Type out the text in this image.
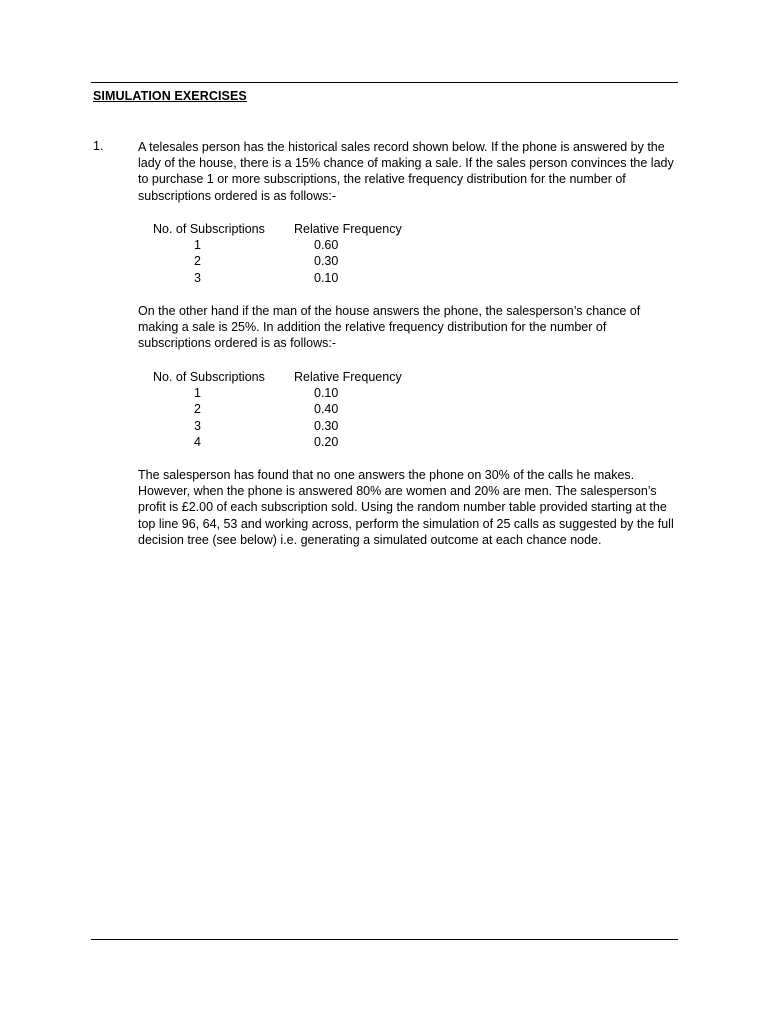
SIMULATION EXERCISES
1.	A telesales person has the historical sales record shown below. If the phone is answered by the lady of the house, there is a 15% chance of making a sale. If the sales person convinces the lady to purchase 1 or more subscriptions, the relative frequency distribution for the number of subscriptions ordered is as follows:-

No. of Subscriptions Relative Frequency
1	0.60
2	0.30
3	0.10

On the other hand if the man of the house answers the phone, the salesperson’s chance of making a sale is 25%. In addition the relative frequency distribution for the number of subscriptions ordered is as follows:-

No. of Subscriptions Relative Frequency
1	0.10
2	0.40
3	0.30
4	0.20

The salesperson has found that no one answers the phone on 30% of the calls he makes. However, when the phone is answered 80% are women and 20% are men. The salesperson’s profit is £2.00 of each subscription sold. Using the random number table provided starting at the top line 96, 64, 53 and working across, perform the simulation of 25 calls as suggested by the full decision tree (see below) i.e. generating a simulated outcome at each chance node.
